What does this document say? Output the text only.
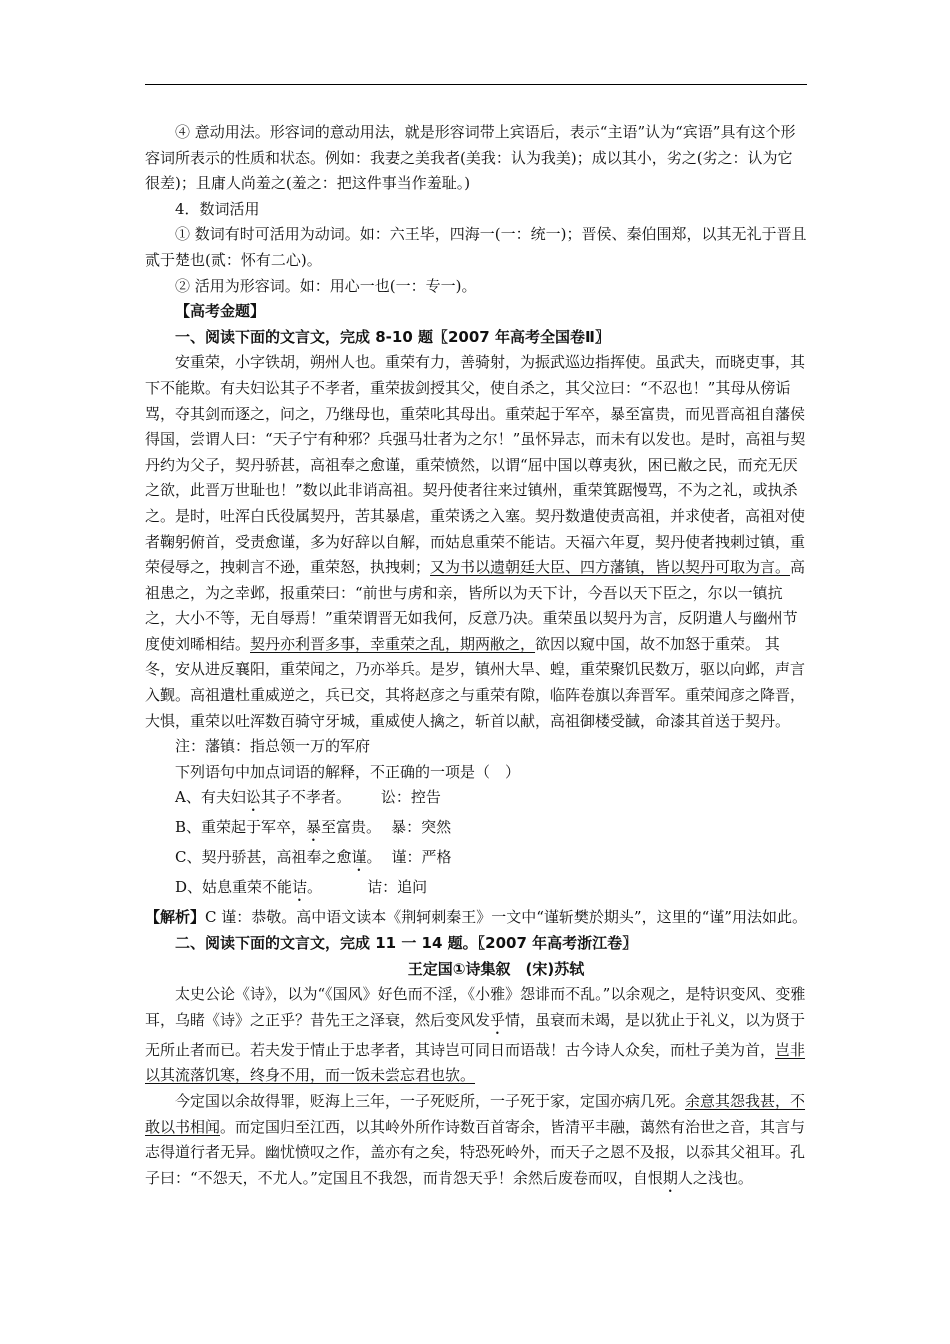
④ 意动用法。形容词的意动用法，就是形容词带上宾语后，表示“主语”认为“宾语”具有这个形容词所表示的性质和状态。例如：我妻之美我者(美我：认为我美)；成以其小，劣之(劣之：认为它很差)；且庸人尚羞之(羞之：把这件事当作羞耻。)

4．数词活用

① 数词有时可活用为动词。如：六王毕，四海一(一：统一)；晋侯、秦伯围郑，以其无礼于晋且贰于楚也(贰：怀有二心)。

② 活用为形容词。如：用心一也(一：专一)。

【高考金题】

一、阅读下面的文言文，完成 8-10 题〖2007 年高考全国卷Ⅱ〗

安重荣，小字铁胡，朔州人也。重荣有力，善骑射，为振武巡边指挥使。虽武夫，而晓吏事，其下不能欺。有夫妇讼其子不孝者，重荣拔剑授其父，使自杀之，其父泣曰：“不忍也！”其母从傍诟骂，夺其剑而逐之，问之，乃继母也，重荣叱其母出。重荣起于军卒，暴至富贵，而见晋高祖自藩侯得国，尝谓人曰：“天子宁有种邪？兵强马壮者为之尔！”虽怀异志，而未有以发也。是时，高祖与契丹约为父子，契丹骄甚，高祖奉之愈谨，重荣愤然，以谓“屈中国以尊夷狄，困已敝之民，而充无厌之欲，此晋万世耻也！”数以此非诮高祖。契丹使者往来过镇州，重荣箕踞慢骂，不为之礼，或执杀之。是时，吐浑白氏役属契丹，苦其暴虐，重荣诱之入塞。契丹数遣使责高祖，并求使者，高祖对使者鞠躬俯首，受责愈谨，多为好辞以自解，而姑息重荣不能诘。天福六年夏，契丹使者拽刺过镇，重荣侵辱之，拽刺言不逊，重荣怒，执拽刺；又为书以遗朝廷大臣、四方藩镇，皆以契丹可取为言。高祖患之，为之幸邺，报重荣曰：“前世与虏和亲，皆所以为天下计，今吾以天下臣之，尔以一镇抗之，大小不等，无自辱焉！”重荣谓晋无如我何，反意乃决。重荣虽以契丹为言，反阴遣人与幽州节度使刘晞相结。契丹亦利晋多事，幸重荣之乱，期两敝之，欲因以窥中国，故不加怒于重荣。 其冬，安从进反襄阳，重荣闻之，乃亦举兵。是岁，镇州大旱、蝗，重荣聚饥民数万，驱以向邺，声言入觐。高祖遣杜重威逆之，兵已交，其将赵彦之与重荣有隙，临阵卷旗以奔晋军。重荣闻彦之降晋，大惧，重荣以吐浑数百骑守牙城，重威使人擒之，斩首以献，高祖御楼受馘，命漆其首送于契丹。

注：藩镇：指总领一万的军府

下列语句中加点词语的解释，不正确的一项是（　）

A、有夫妇讼其子不孝者。 讼：控告

B、重荣起于军卒，暴至富贵。 暴：突然

C、契丹骄甚，高祖奉之愈谨。 谨：严格

D、姑息重荣不能诘。	诘：追问

【解析】C 谨：恭敬。高中语文读本《荆轲刺秦王》一文中“谨斩樊於期头”，这里的“谨”用法如此。

二、阅读下面的文言文，完成 11 一 14 题。〖2007 年高考浙江卷〗

王定国①诗集叙　(宋)苏轼

太史公论《诗》，以为“《国风》好色而不淫，《小雅》怨诽而不乱。”以余观之，是特识变风、变雅耳，乌睹《诗》之正乎？昔先王之泽衰，然后变风发乎情，虽衰而未竭，是以犹止于礼义，以为贤于无所止者而已。若夫发于情止于忠孝者，其诗岂可同日而语哉！古今诗人众矣，而杜子美为首，岂非以其流落饥寒，终身不用，而一饭未尝忘君也欤。

今定国以余故得罪，贬海上三年，一子死贬所，一子死于家，定国亦病几死。余意其怨我甚，不敢以书相闻。而定国归至江西，以其岭外所作诗数百首寄余，皆清平丰融，蔼然有治世之音，其言与志得道行者无异。幽忧愤叹之作，盖亦有之矣，特恐死岭外，而天子之恩不及报，以忝其父祖耳。孔子曰：“不怨天，不尤人。”定国且不我怨，而肯怨天乎！余然后废卷而叹，自恨期人之浅也。
